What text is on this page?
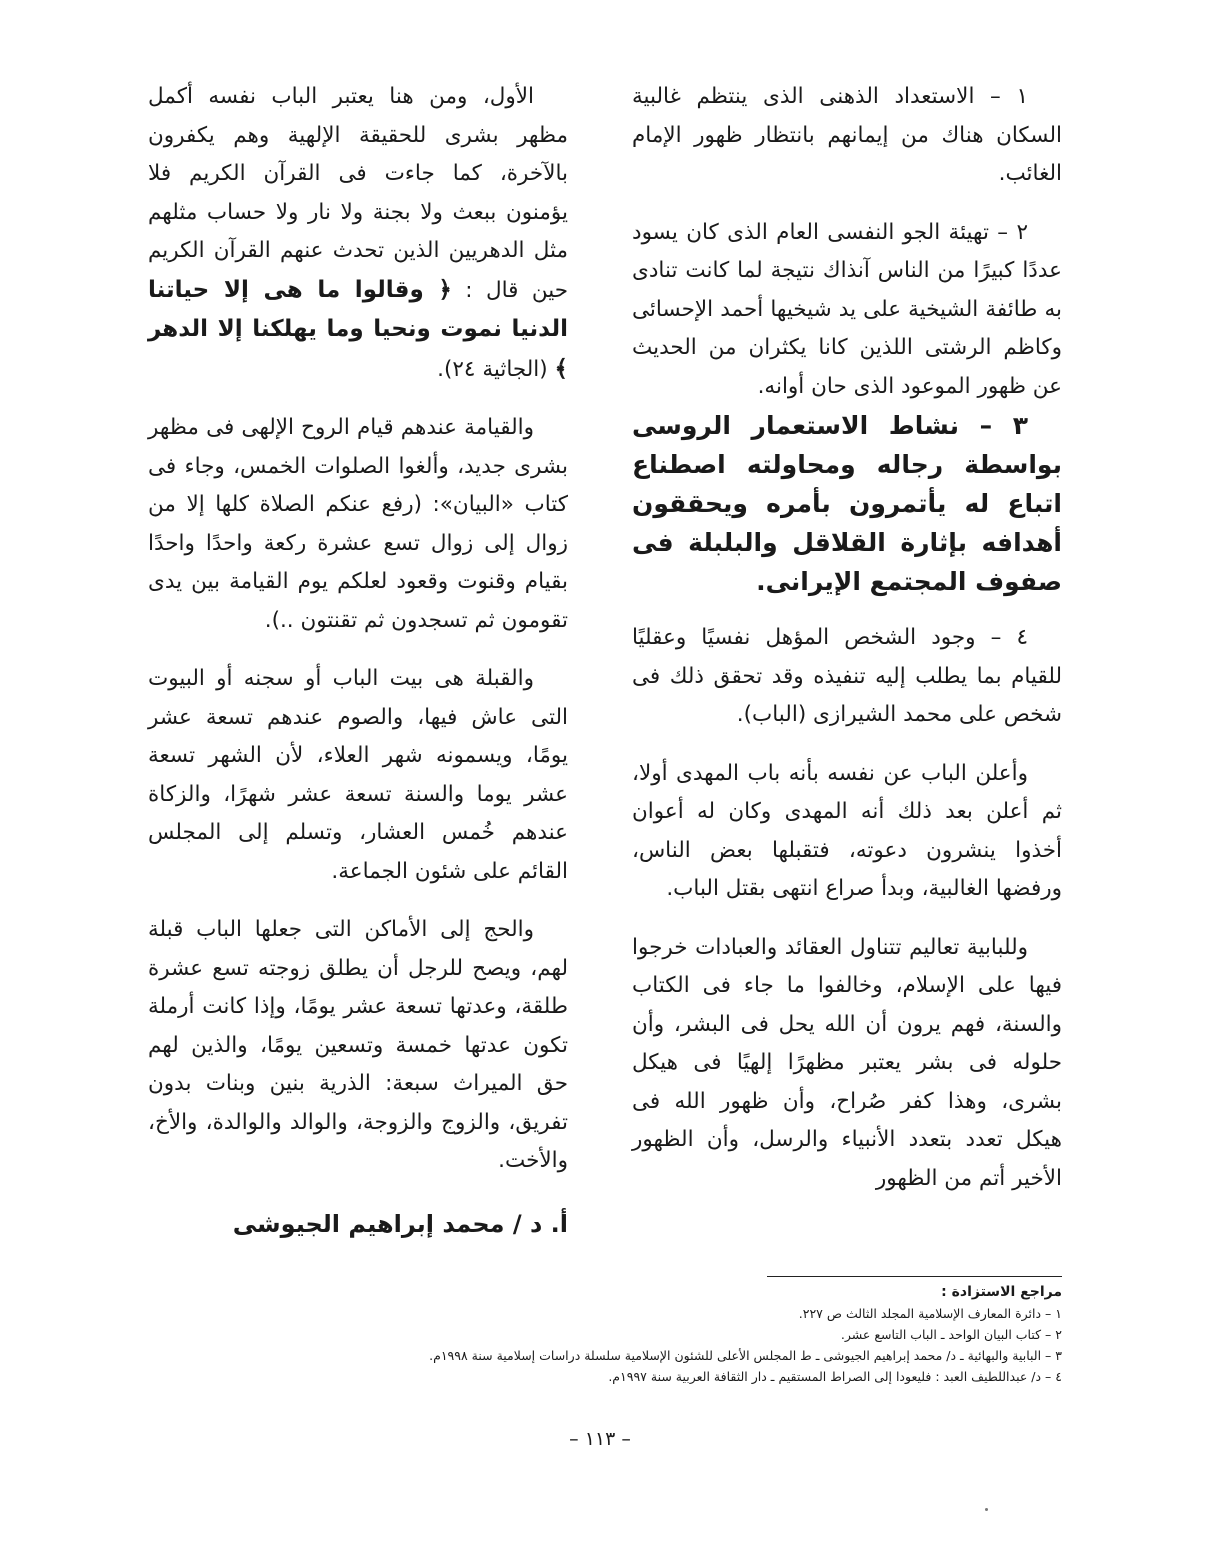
١ – الاستعداد الذهنى الذى ينتظم غالبية السكان هناك من إيمانهم بانتظار ظهور الإمام الغائب.

٢ – تهيئة الجو النفسى العام الذى كان يسود عددًا كبيرًا من الناس آنذاك نتيجة لما كانت تنادى به طائفة الشيخية على يد شيخيها أحمد الإحسائى وكاظم الرشتى اللذين كانا يكثران من الحديث عن ظهور الموعود الذى حان أوانه.

٣ – نشاط الاستعمار الروسى بواسطة رجاله ومحاولته اصطناع اتباع له يأتمرون بأمره ويحققون أهدافه بإثارة القلاقل والبلبلة فى صفوف المجتمع الإيرانى.

٤ – وجود الشخص المؤهل نفسيًا وعقليًا للقيام بما يطلب إليه تنفيذه وقد تحقق ذلك فى شخص على محمد الشيرازى (الباب).

وأعلن الباب عن نفسه بأنه باب المهدى أولا، ثم أعلن بعد ذلك أنه المهدى وكان له أعوان أخذوا ينشرون دعوته، فتقبلها بعض الناس، ورفضها الغالبية، وبدأ صراع انتهى بقتل الباب.

وللبابية تعاليم تتناول العقائد والعبادات خرجوا فيها على الإسلام، وخالفوا ما جاء فى الكتاب والسنة، فهم يرون أن الله يحل فى البشر، وأن حلوله فى بشر يعتبر مظهرًا إلهيًا فى هيكل بشرى، وهذا كفر صُراح، وأن ظهور الله فى هيكل تعدد بتعدد الأنبياء والرسل، وأن الظهور الأخير أتم من الظهور

الأول، ومن هنا يعتبر الباب نفسه أكمل مظهر بشرى للحقيقة الإلهية وهم يكفرون بالآخرة، كما جاءت فى القرآن الكريم فلا يؤمنون ببعث ولا بجنة ولا نار ولا حساب مثلهم مثل الدهريين الذين تحدث عنهم القرآن الكريم حين قال : ﴿ وقالوا ما هى إلا حياتنا الدنيا نموت ونحيا وما يهلكنا إلا الدهر ﴾ (الجاثية ٢٤).

والقيامة عندهم قيام الروح الإلهى فى مظهر بشرى جديد، وألغوا الصلوات الخمس، وجاء فى كتاب «البيان»: (رفع عنكم الصلاة كلها إلا من زوال إلى زوال تسع عشرة ركعة واحدًا واحدًا بقيام وقنوت وقعود لعلكم يوم القيامة بين يدى تقومون ثم تسجدون ثم تقنتون ..).

والقبلة هى بيت الباب أو سجنه أو البيوت التى عاش فيها، والصوم عندهم تسعة عشر يومًا، ويسمونه شهر العلاء، لأن الشهر تسعة عشر يوما والسنة تسعة عشر شهرًا، والزكاة عندهم خُمس العشار، وتسلم إلى المجلس القائم على شئون الجماعة.

والحج إلى الأماكن التى جعلها الباب قبلة لهم، ويصح للرجل أن يطلق زوجته تسع عشرة طلقة، وعدتها تسعة عشر يومًا، وإذا كانت أرملة تكون عدتها خمسة وتسعين يومًا، والذين لهم حق الميراث سبعة: الذرية بنين وبنات بدون تفريق، والزوج والزوجة، والوالد والوالدة، والأخ، والأخت.

أ. د / محمد إبراهيم الجيوشى

مراجع الاستزادة :

١ – دائرة المعارف الإسلامية المجلد الثالث ص ٢٢٧.

٢ – كتاب البيان الواحد ـ الباب التاسع عشر.

٣ – البابية والبهائية ـ د/ محمد إبراهيم الجيوشى ـ ط المجلس الأعلى للشئون الإسلامية سلسلة دراسات إسلامية سنة ١٩٩٨م.

٤ – د/ عبداللطيف العبد : فليعودا إلى الصراط المستقيم ـ دار الثقافة العربية سنة ١٩٩٧م.

– ١١٣ –
